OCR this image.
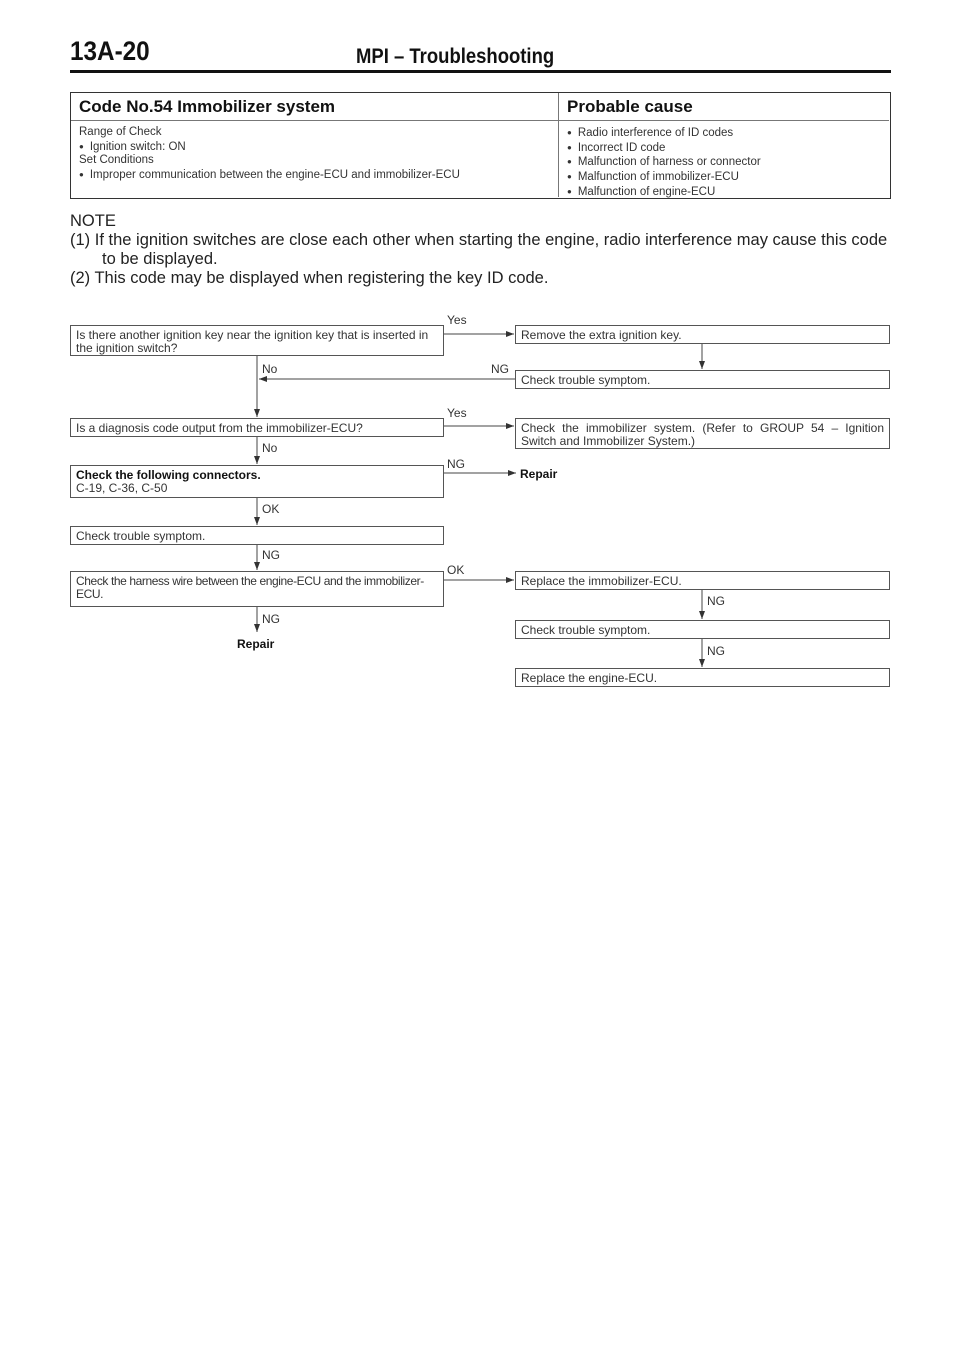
13A-20	MPI – Troubleshooting
Code No.54 Immobilizer system	Probable cause
Range of Check
● Ignition switch: ON
Set Conditions
● Improper communication between the engine-ECU and immobilizer-ECU
● Radio interference of ID codes
● Incorrect ID code
● Malfunction of harness or connector
● Malfunction of immobilizer-ECU
● Malfunction of engine-ECU
NOTE
(1) If the ignition switches are close each other when starting the engine, radio interference may cause this code to be displayed.
(2) This code may be displayed when registering the key ID code.
Is there another ignition key near the ignition key that is inserted in the ignition switch?
Remove the extra ignition key.
Check trouble symptom.
Is a diagnosis code output from the immobilizer-ECU?	Check the immobilizer system. (Refer to GROUP 54 – Ignition Switch and Immobilizer System.)
Check the following connectors.
C-19, C-36, C-50
Repair
Check trouble symptom.
Check the harness wire between the engine-ECU and the immobilizer-ECU.
Replace the immobilizer-ECU.
Check trouble symptom.
Replace the engine-ECU.
Repair
Yes
No	NG
Yes
No
NG
OK
NG
OK
NG
NG
NG
